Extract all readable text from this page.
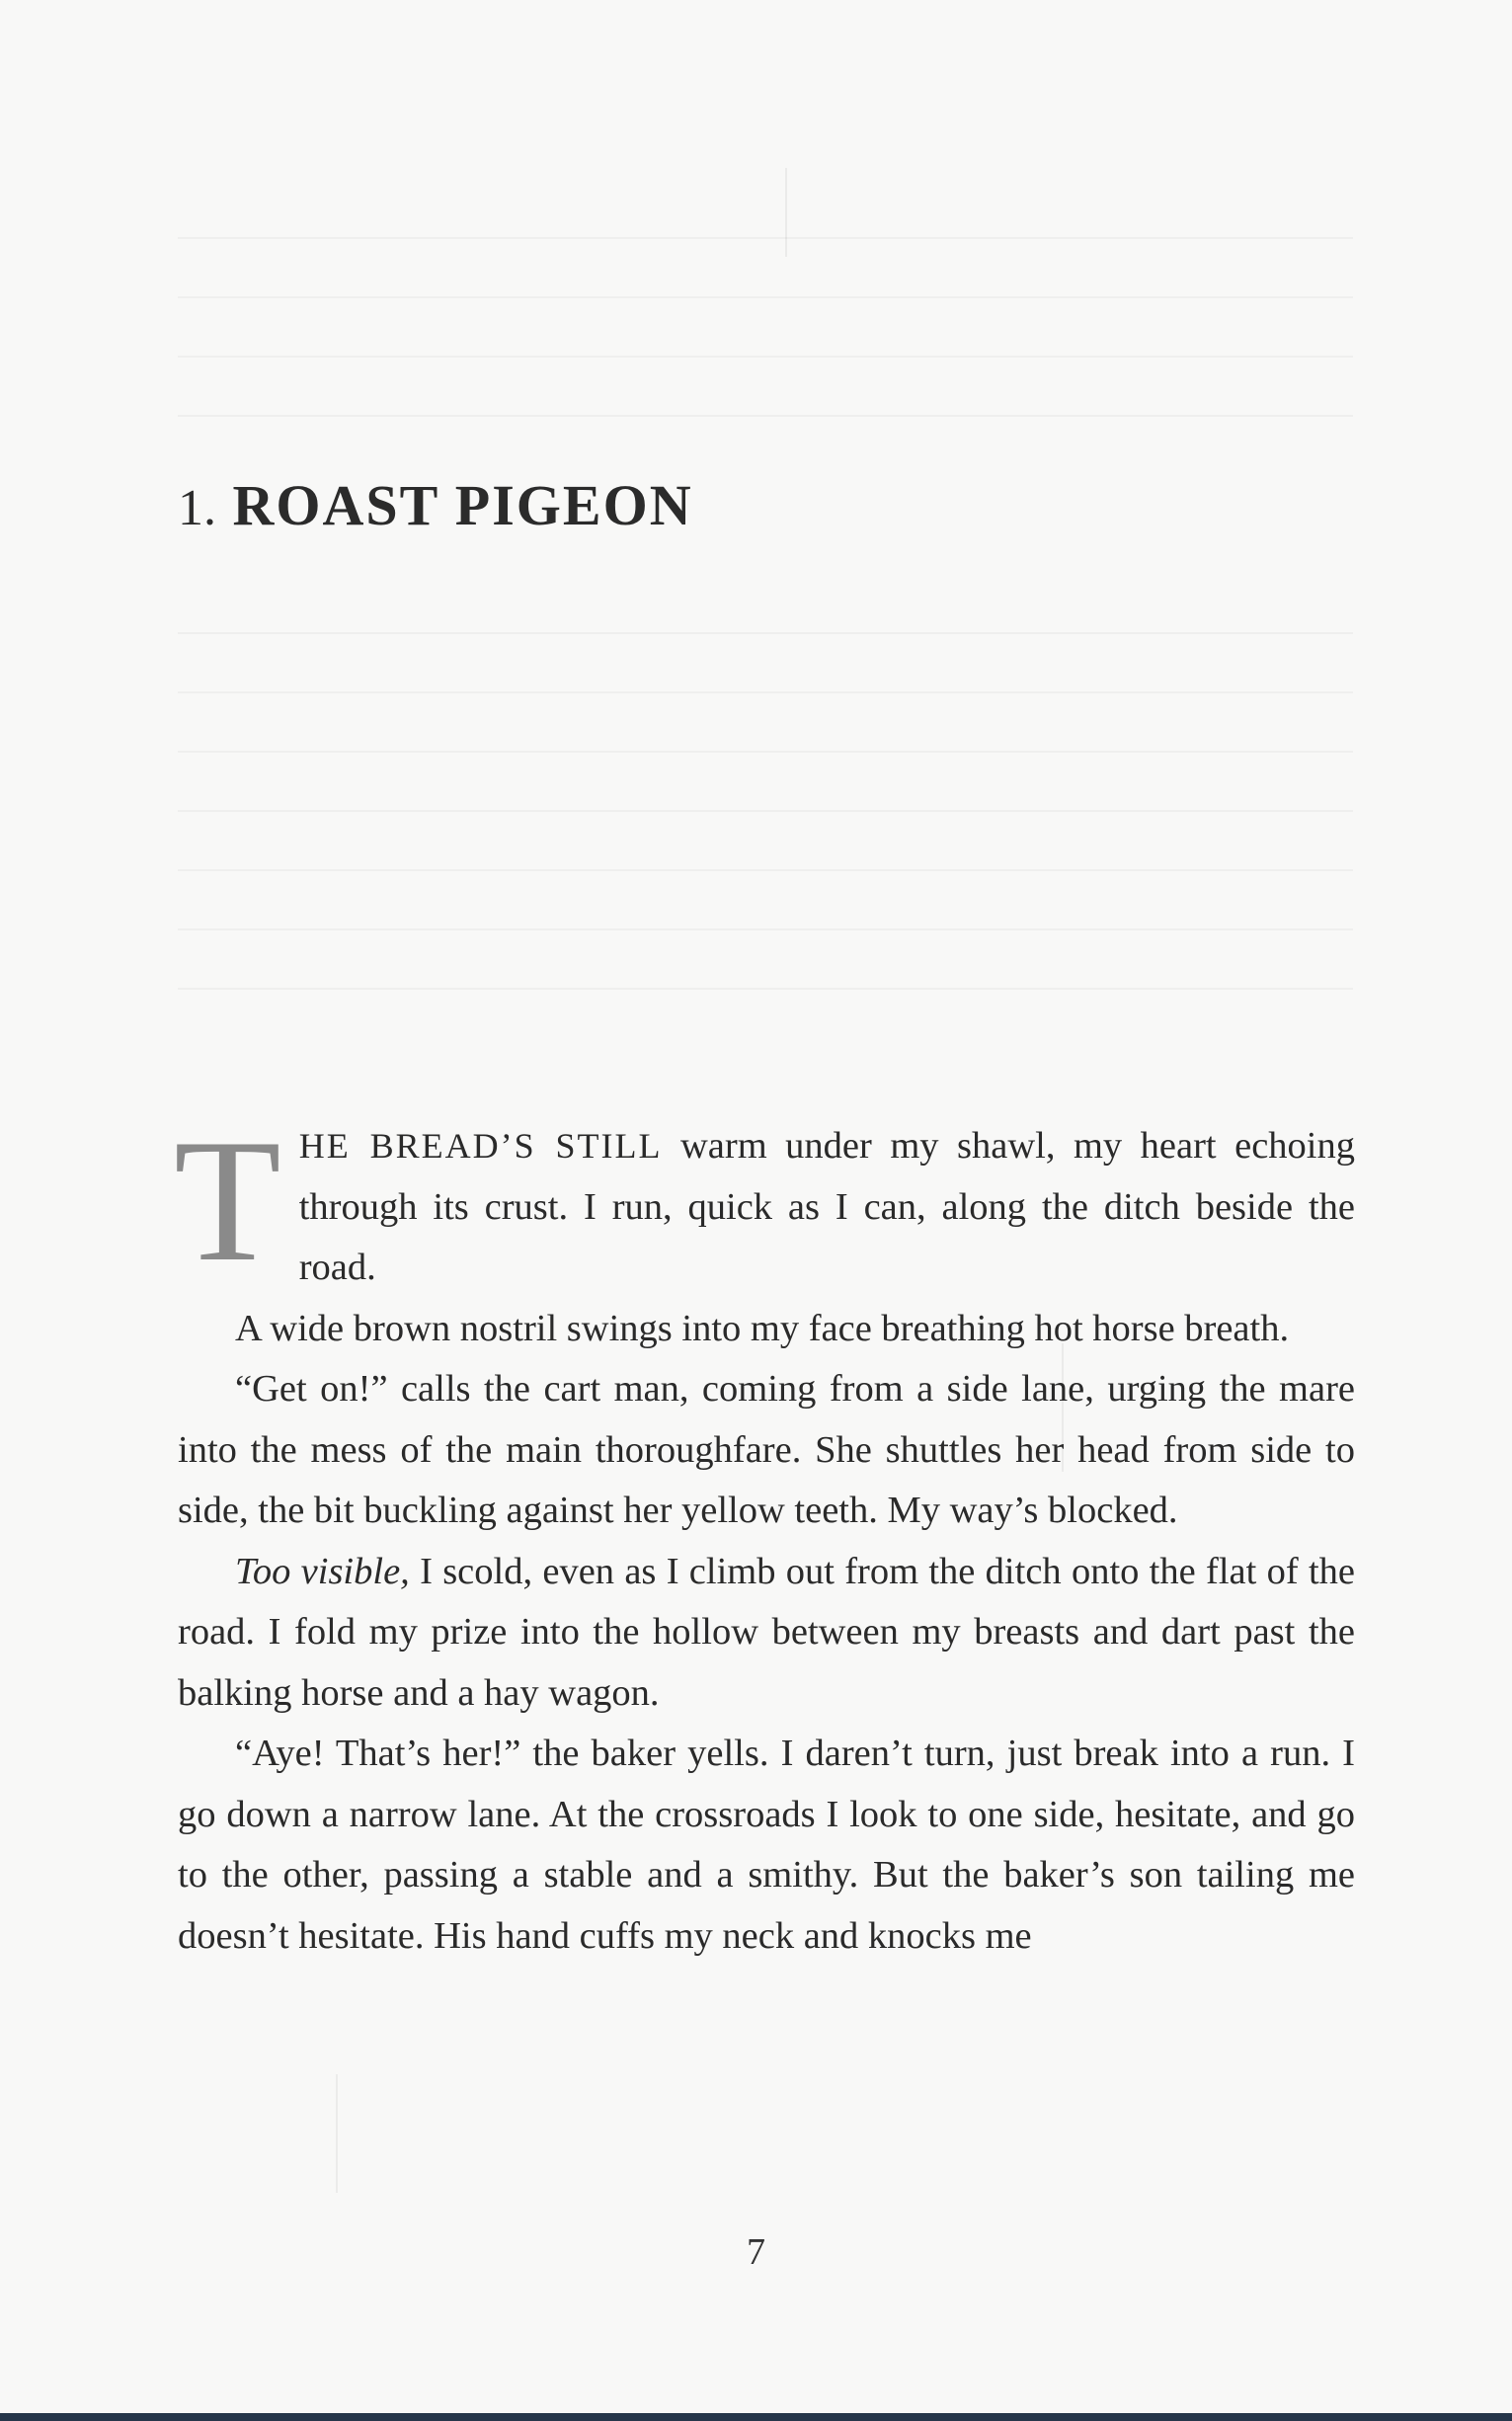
1. ROAST PIGEON

THE BREAD’S STILL warm under my shawl, my heart echoing through its crust. I run, quick as I can, along the ditch beside the road.

A wide brown nostril swings into my face breathing hot horse breath.

“Get on!” calls the cart man, coming from a side lane, urging the mare into the mess of the main thoroughfare. She shuttles her head from side to side, the bit buckling against her yellow teeth. My way’s blocked.

Too visible, I scold, even as I climb out from the ditch onto the flat of the road. I fold my prize into the hollow between my breasts and dart past the balking horse and a hay wagon.

“Aye! That’s her!” the baker yells. I daren’t turn, just break into a run. I go down a narrow lane. At the crossroads I look to one side, hesitate, and go to the other, passing a stable and a smithy. But the baker’s son tailing me doesn’t hesitate. His hand cuffs my neck and knocks me

7
